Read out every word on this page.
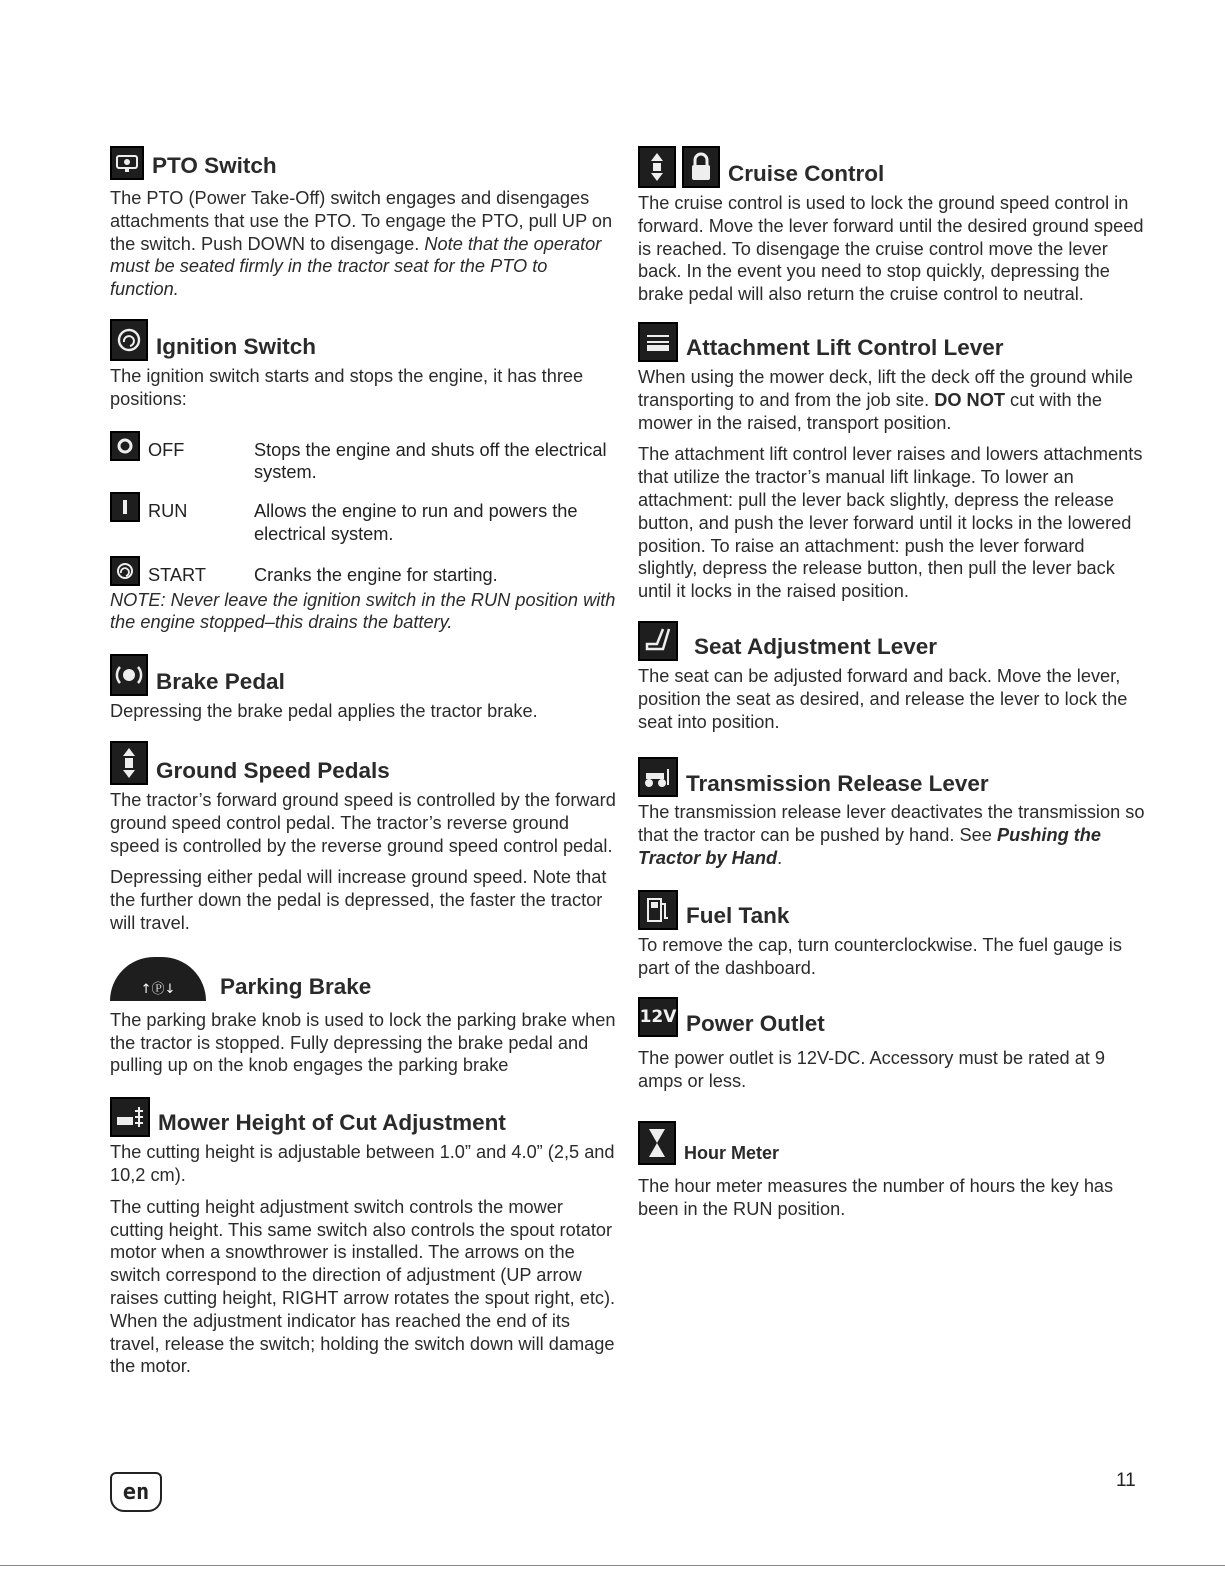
PTO Switch

The PTO (Power Take-Off) switch engages and disengages attachments that use the PTO. To engage the PTO, pull UP on the switch. Push DOWN to disengage. Note that the operator must be seated firmly in the tractor seat for the PTO to function.

Ignition Switch

The ignition switch starts and stops the engine, it has three positions:

OFF	Stops the engine and shuts off the electrical system.
RUN	Allows the engine to run and powers the electrical system.
START	Cranks the engine for starting.

NOTE: Never leave the ignition switch in the RUN position with the engine stopped–this drains the battery.

Brake Pedal

Depressing the brake pedal applies the tractor brake.

Ground Speed Pedals

The tractor’s forward ground speed is controlled by the forward ground speed control pedal. The tractor’s reverse ground speed is controlled by the reverse ground speed control pedal.

Depressing either pedal will increase ground speed. Note that the further down the pedal is depressed, the faster the tractor will travel.

↑Ⓟ↓	Parking Brake

The parking brake knob is used to lock the parking brake when the tractor is stopped. Fully depressing the brake pedal and pulling up on the knob engages the parking brake

Mower Height of Cut Adjustment

The cutting height is adjustable between 1.0” and 4.0” (2,5 and 10,2 cm).

The cutting height adjustment switch controls the mower cutting height. This same switch also controls the spout rotator motor when a snowthrower is installed. The arrows on the switch correspond to the direction of adjustment (UP arrow raises cutting height, RIGHT arrow rotates the spout right, etc). When the adjustment indicator has reached the end of its travel, release the switch; holding the switch down will damage the motor.

Cruise Control

The cruise control is used to lock the ground speed control in forward. Move the lever forward until the desired ground speed is reached. To disengage the cruise control move the lever back. In the event you need to stop quickly, depressing the brake pedal will also return the cruise control to neutral.

Attachment Lift Control Lever

When using the mower deck, lift the deck off the ground while transporting to and from the job site. DO NOT cut with the mower in the raised, transport position.

The attachment lift control lever raises and lowers attachments that utilize the tractor’s manual lift linkage. To lower an attachment: pull the lever back slightly, depress the release button, and push the lever forward until it locks in the lowered position. To raise an attachment: push the lever forward slightly, depress the release button, then pull the lever back until it locks in the raised position.

Seat Adjustment Lever

The seat can be adjusted forward and back. Move the lever, position the seat as desired, and release the lever to lock the seat into position.

Transmission Release Lever

The transmission release lever deactivates the transmission so that the tractor can be pushed by hand. See Pushing the Tractor by Hand.

Fuel Tank

To remove the cap, turn counterclockwise. The fuel gauge is part of the dashboard.

12V Power Outlet

The power outlet is 12V-DC. Accessory must be rated at 9 amps or less.

Hour Meter

The hour meter measures the number of hours the key has been in the RUN position.

en	11
